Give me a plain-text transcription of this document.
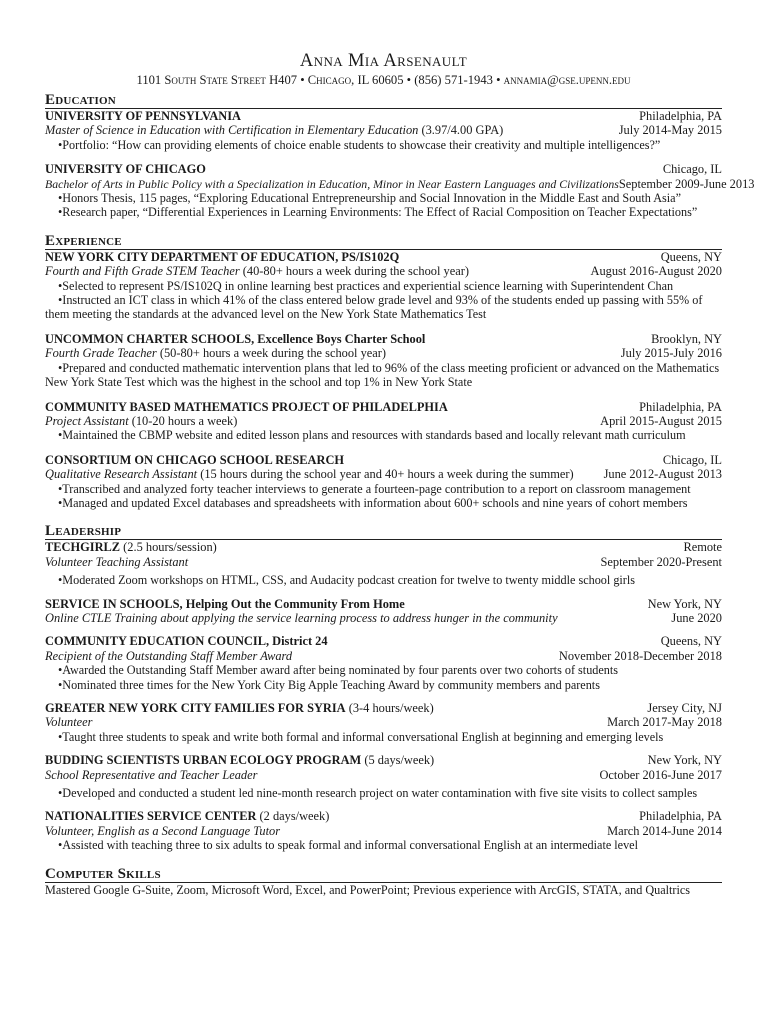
Anna Mia Arsenault
1101 South State Street H407 • Chicago, IL 60605 • (856) 571-1943 • annamia@gse.upenn.edu
Education
UNIVERSITY OF PENNSYLVANIA	Philadelphia, PA
Master of Science in Education with Certification in Elementary Education (3.97/4.00 GPA)	July 2014-May 2015
•Portfolio: “How can providing elements of choice enable students to showcase their creativity and multiple intelligences?”
UNIVERSITY OF CHICAGO	Chicago, IL
Bachelor of Arts in Public Policy with a Specialization in Education, Minor in Near Eastern Languages and Civilizations September 2009-June 2013
•Honors Thesis, 115 pages, “Exploring Educational Entrepreneurship and Social Innovation in the Middle East and South Asia”
•Research paper, “Differential Experiences in Learning Environments: The Effect of Racial Composition on Teacher Expectations”
Experience
NEW YORK CITY DEPARTMENT OF EDUCATION, PS/IS102Q	Queens, NY
Fourth and Fifth Grade STEM Teacher (40-80+ hours a week during the school year)	August 2016-August 2020
•Selected to represent PS/IS102Q in online learning best practices and experiential science learning with Superintendent Chan
•Instructed an ICT class in which 41% of the class entered below grade level and 93% of the students ended up passing with 55% of them meeting the standards at the advanced level on the New York State Mathematics Test
UNCOMMON CHARTER SCHOOLS, Excellence Boys Charter School	Brooklyn, NY
Fourth Grade Teacher (50-80+ hours a week during the school year)	July 2015-July 2016
•Prepared and conducted mathematic intervention plans that led to 96% of the class meeting proficient or advanced on the Mathematics New York State Test which was the highest in the school and top 1% in New York State
COMMUNITY BASED MATHEMATICS PROJECT OF PHILADELPHIA	Philadelphia, PA
Project Assistant (10-20 hours a week)	April 2015-August 2015
•Maintained the CBMP website and edited lesson plans and resources with standards based and locally relevant math curriculum
CONSORTIUM ON CHICAGO SCHOOL RESEARCH	Chicago, IL
Qualitative Research Assistant (15 hours during the school year and 40+ hours a week during the summer) June 2012-August 2013
•Transcribed and analyzed forty teacher interviews to generate a fourteen-page contribution to a report on classroom management
•Managed and updated Excel databases and spreadsheets with information about 600+ schools and nine years of cohort members
Leadership
TECHGIRLZ (2.5 hours/session)	Remote
Volunteer Teaching Assistant	September 2020-Present
•Moderated Zoom workshops on HTML, CSS, and Audacity podcast creation for twelve to twenty middle school girls
SERVICE IN SCHOOLS, Helping Out the Community From Home	New York, NY
Online CTLE Training about applying the service learning process to address hunger in the community	June 2020
COMMUNITY EDUCATION COUNCIL, District 24	Queens, NY
Recipient of the Outstanding Staff Member Award	November 2018-December 2018
•Awarded the Outstanding Staff Member award after being nominated by four parents over two cohorts of students
•Nominated three times for the New York City Big Apple Teaching Award by community members and parents
GREATER NEW YORK CITY FAMILIES FOR SYRIA (3-4 hours/week)	Jersey City, NJ
Volunteer	March 2017-May 2018
•Taught three students to speak and write both formal and informal conversational English at beginning and emerging levels
BUDDING SCIENTISTS URBAN ECOLOGY PROGRAM (5 days/week)	New York, NY
School Representative and Teacher Leader	October 2016-June 2017
•Developed and conducted a student led nine-month research project on water contamination with five site visits to collect samples
NATIONALITIES SERVICE CENTER (2 days/week)	Philadelphia, PA
Volunteer, English as a Second Language Tutor	March 2014-June 2014
•Assisted with teaching three to six adults to speak formal and informal conversational English at an intermediate level
Computer Skills
Mastered Google G-Suite, Zoom, Microsoft Word, Excel, and PowerPoint; Previous experience with ArcGIS, STATA, and Qualtrics
